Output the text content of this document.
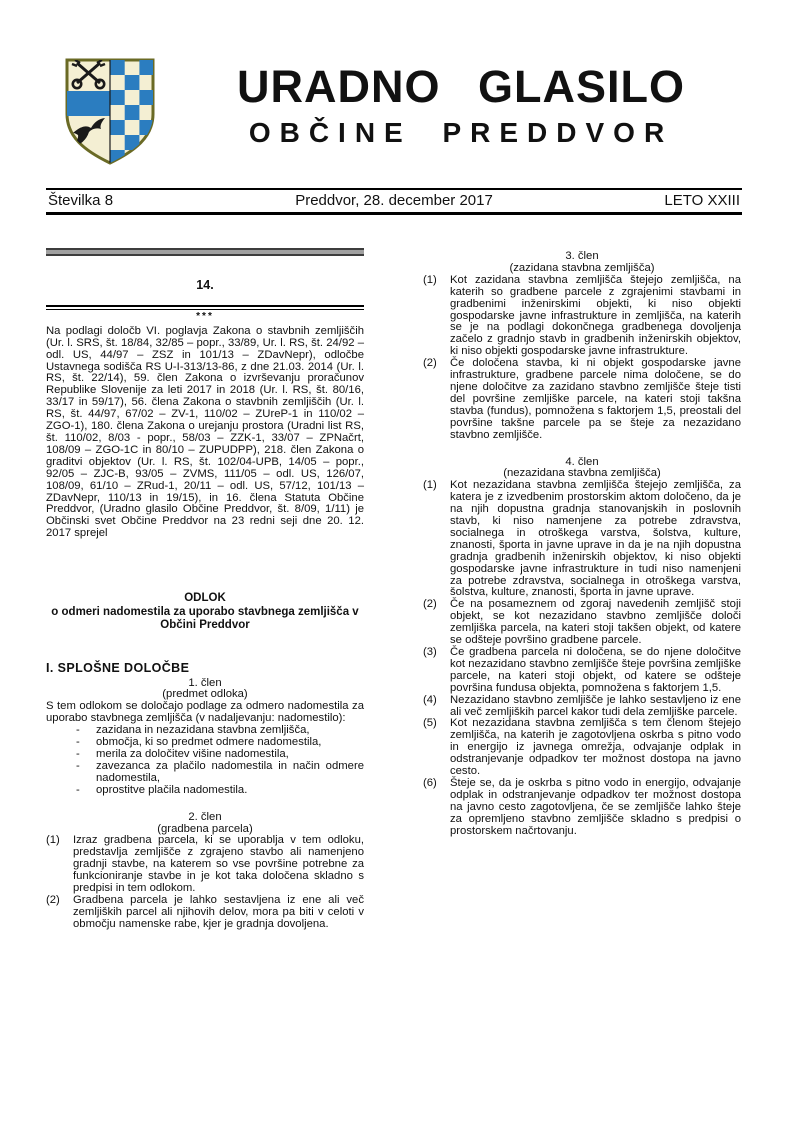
URADNO GLASILO
OBČINE PREDDVOR
Številka 8	Preddvor, 28. december 2017	LETO XXIII
14.
***

Na podlagi določb VI. poglavja Zakona o stavbnih zemljiščih (Ur. l. SRS, št. 18/84, 32/85 – popr., 33/89, Ur. l. RS, št. 24/92 – odl. US, 44/97 – ZSZ in 101/13 – ZDavNepr), odločbe Ustavnega sodišča RS U-I-313/13-86, z dne 21.03. 2014 (Ur. l. RS, št. 22/14), 59. člen Zakona o izvrševanju proračunov Republike Slovenije za leti 2017 in 2018 (Ur. l. RS, št. 80/16, 33/17 in 59/17), 56. člena Zakona o stavbnih zemljiščih (Ur. l. RS, št. 44/97, 67/02 – ZV-1, 110/02 – ZUreP-1 in 110/02 – ZGO-1), 180. člena Zakona o urejanju prostora (Uradni list RS, št. 110/02, 8/03 - popr., 58/03 – ZZK-1, 33/07 – ZPNačrt, 108/09 – ZGO-1C in 80/10 – ZUPUDPP), 218. člen Zakona o graditvi objektov (Ur. l. RS, št. 102/04-UPB, 14/05 – popr., 92/05 – ZJC-B, 93/05 – ZVMS, 111/05 – odl. US, 126/07, 108/09, 61/10 – ZRud-1, 20/11 – odl. US, 57/12, 101/13 – ZDavNepr, 110/13 in 19/15), in 16. člena Statuta Občine Preddvor, (Uradno glasilo Občine Preddvor, št. 8/09, 1/11) je Občinski svet Občine Preddvor na 23 redni seji dne 20. 12. 2017 sprejel

ODLOK
o odmeri nadomestila za uporabo stavbnega zemljišča v Občini Preddvor
I. SPLOŠNE DOLOČBE
1. člen
(predmet odloka)

S tem odlokom se določajo podlage za odmero nadomestila za uporabo stavbnega zemljišča (v nadaljevanju: nadomestilo):

- zazidana in nezazidana stavbna zemljišča,
- območja, ki so predmet odmere nadomestila,
- merila za določitev višine nadomestila,
- zavezanca za plačilo nadomestila in način odmere nadomestila,
- oprostitve plačila nadomestila.
2. člen
(gradbena parcela)
(1) Izraz gradbena parcela, ki se uporablja v tem odloku, predstavlja zemljišče z zgrajeno stavbo ali namenjeno gradnji stavbe, na katerem so vse površine potrebne za funkcioniranje stavbe in je kot taka določena skladno s predpisi in tem odlokom.
(2) Gradbena parcela je lahko sestavljena iz ene ali več zemljiških parcel ali njihovih delov, mora pa biti v celoti v območju namenske rabe, kjer je gradnja dovoljena.
3. člen
(zazidana stavbna zemljišča)
(1) Kot zazidana stavbna zemljišča štejejo zemljišča, na katerih so gradbene parcele z zgrajenimi stavbami in gradbenimi inženirskimi objekti, ki niso objekti gospodarske javne infrastrukture in zemljišča, na katerih se je na podlagi dokončnega gradbenega dovoljenja začelo z gradnjo stavb in gradbenih inženirskih objektov, ki niso objekti gospodarske javne infrastrukture.
(2) Če določena stavba, ki ni objekt gospodarske javne infrastrukture, gradbene parcele nima določene, se do njene določitve za zazidano stavbno zemljišče šteje tisti del površine zemljiške parcele, na kateri stoji takšna stavba (fundus), pomnožena s faktorjem 1,5, preostali del površine takšne parcele pa se šteje za nezazidano stavbno zemljišče.
4. člen
(nezazidana stavbna zemljišča)
(1) Kot nezazidana stavbna zemljišča štejejo zemljišča, za katera je z izvedbenim prostorskim aktom določeno, da je na njih dopustna gradnja stanovanjskih in poslovnih stavb, ki niso namenjene za potrebe zdravstva, socialnega in otroškega varstva, šolstva, kulture, znanosti, športa in javne uprave in da je na njih dopustna gradnja gradbenih inženirskih objektov, ki niso objekti gospodarske javne infrastrukture in tudi niso namenjeni za potrebe zdravstva, socialnega in otroškega varstva, šolstva, kulture, znanosti, športa in javne uprave.
(2) Če na posameznem od zgoraj navedenih zemljišč stoji objekt, se kot nezazidano stavbno zemljišče določi zemljiška parcela, na kateri stoji takšen objekt, od katere se odšteje površino gradbene parcele.
(3) Če gradbena parcela ni določena, se do njene določitve kot nezazidano stavbno zemljišče šteje površina zemljiške parcele, na kateri stoji objekt, od katere se odšteje površina fundusa objekta, pomnožena s faktorjem 1,5.
(4) Nezazidano stavbno zemljišče je lahko sestavljeno iz ene ali več zemljiških parcel kakor tudi dela zemljiške parcele.
(5) Kot nezazidana stavbna zemljišča s tem členom štejejo zemljišča, na katerih je zagotovljena oskrba s pitno vodo in energijo iz javnega omrežja, odvajanje odplak in odstranjevanje odpadkov ter možnost dostopa na javno cesto.
(6) Šteje se, da je oskrba s pitno vodo in energijo, odvajanje odplak in odstranjevanje odpadkov ter možnost dostopa na javno cesto zagotovljena, če se zemljišče lahko šteje za opremljeno stavbno zemljišče skladno s predpisi o prostorskem načrtovanju.
